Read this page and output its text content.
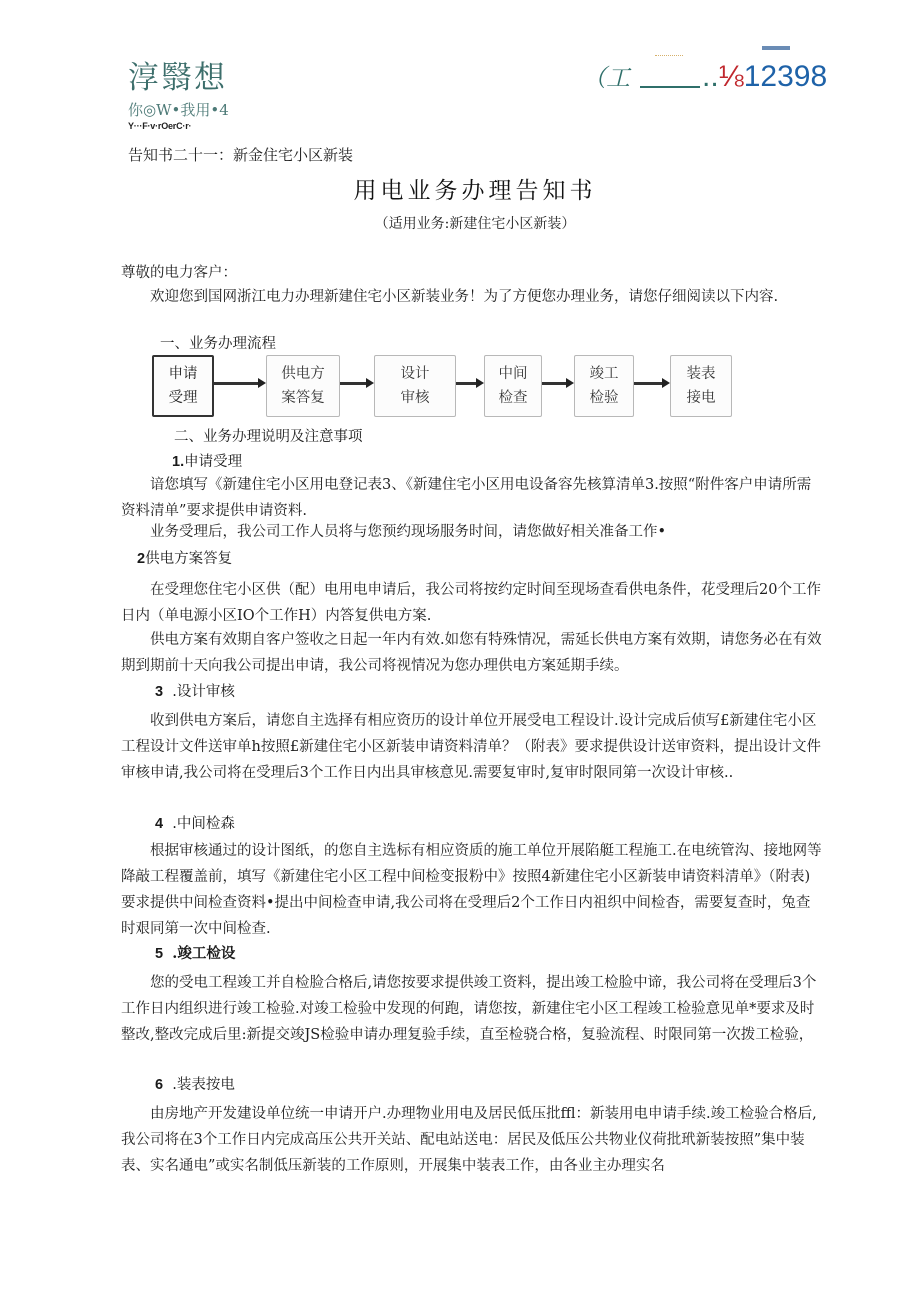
淳翳想
你◎W•我用•4
Y···F·v·rOerC·r·
（工 ..⅛12398
告知书二十一：新金住宅小区新装
用电业务办理告知书
（适用业务:新建住宅小区新装）
尊敬的电力客户：
欢迎您到国网浙江电力办理新建住宅小区新装业务！为了方便您办理业务，请您仔细阅读以下内容.
一、业务办理流程
申请
受理
供电方
案答复
设计
审核
中间
检查
竣工
检验
装表
接电
二、业务办理说明及注意事项
1.申请受理
谙您填写《新建住宅小区用电登记表3、《新建住宅小区用电设备容先核算清单3.按照“附件客户申请所需资料清单”要求提供申请资料.
业务受理后，我公司工作人员将与您预约现场服务时间，请您做好相关准备工作•
2供电方案答复
在受理您住宅小区供（配）电用电申请后，我公司将按约定时间至现场查看供电条件，花受理后20个工作日内（单电源小区IO个工作H）内答复供电方案.
供电方案有效期自客户签收之日起一年内有效.如您有特殊情况，需延长供电方案有效期，请您务必在有效期到期前十天向我公司提出申请，我公司将视情况为您办理供电方案延期手续。
3 .设计审核
收到供电方案后，请您自主选择有相应资历的设计单位开展受电工程设计.设计完成后侦写£新建住宅小区工程设计文件送审单h按照£新建住宅小区新装申请资料清单？（附表》要求提供设计送审资料，提出设计文件审核申请,我公司将在受理后3个工作日内出具审核意见.需要复审时,复审时限同第一次设计审核..
4 .中间检森
根据审核通过的设计图纸，的您自主选标有相应资质的施工单位开展陷艇工程施工.在电统管沟、接地网等降敲工程覆盖前，填写《新建住宅小区工程中间检变报粉中》按照4新建住宅小区新装申请资料清单》（附表)要求提供中间检查资料•提出中间检查申请,我公司将在受理后2个工作日内祖织中间检杳，需要复查时，兔查时艰同第一次中间检查.
5 .竣工检设
您的受电工程竣工并自检脸合格后,请您按要求提供竣工资料，提出竣工检脸中谛，我公司将在受理后3个工作日内组织进行竣工检验.对竣工检验中发现的何跑，请您按，新建住宅小区工程竣工检验意见单*要求及时整改,整改完成后里:新提交竣JS检验申请办理复验手续，直至检骁合格，复验流程、时限同第一次拨工检验，
6 .装表按电
由房地产开发建设单位统一申请开户.办理物业用电及居民低压批ffl：新装用电申请手续.竣工检验合格后,我公司将在3个工作日内完成高压公共开关站、配电站送电：居民及低压公共物业仪荷批玳新装按照”集中装表、实名通电”或实名制低压新装的工作原则，开展集中装表工作，由各业主办理实名
